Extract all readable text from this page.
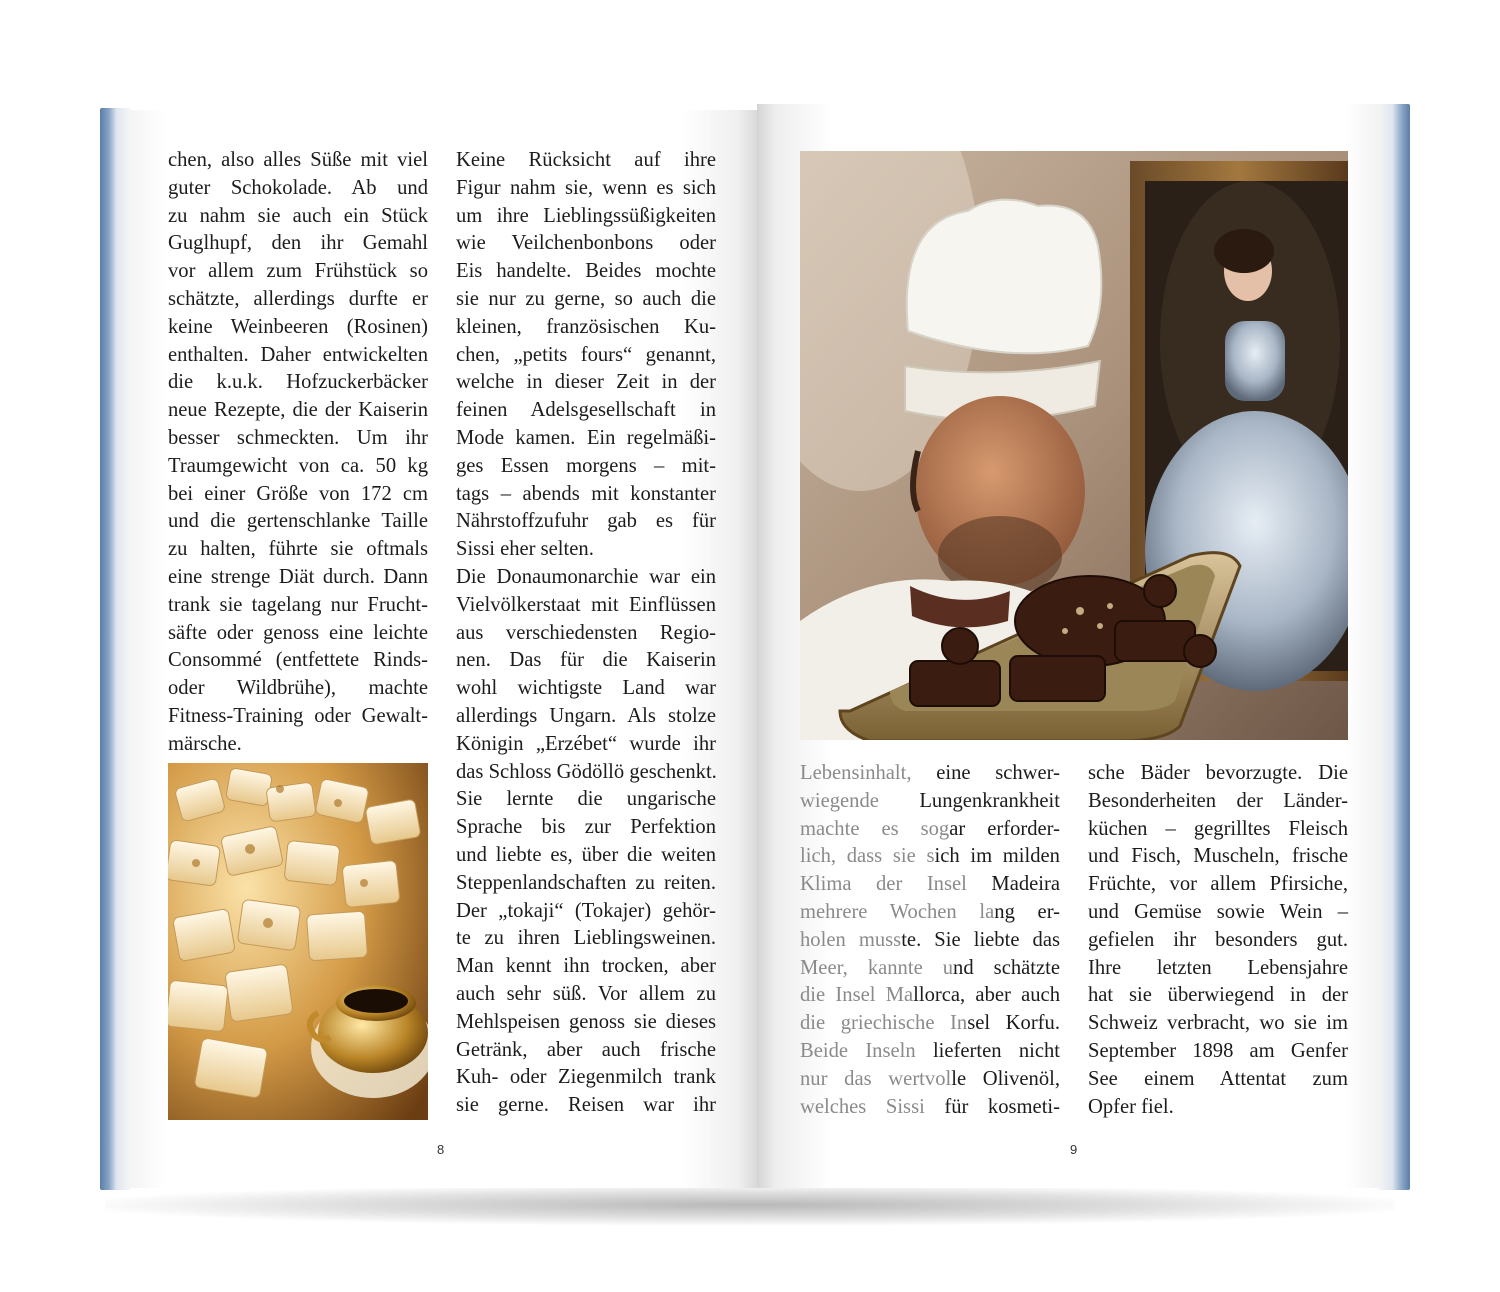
chen, also alles Süße mit viel
guter Schokolade. Ab und
zu nahm sie auch ein Stück
Guglhupf, den ihr Gemahl
vor allem zum Frühstück so
schätzte, allerdings durfte er
keine Weinbeeren (Rosinen)
enthalten. Daher entwickelten
die k.u.k. Hofzuckerbäcker
neue Rezepte, die der Kaiserin
besser schmeckten. Um ihr
Traumgewicht von ca. 50 kg
bei einer Größe von 172 cm
und die gertenschlanke Taille
zu halten, führte sie oftmals
eine strenge Diät durch. Dann
trank sie tagelang nur Frucht-
säfte oder genoss eine leichte
Consommé (entfettete Rinds-
oder Wildbrühe), machte
Fitness-Training oder Gewalt-
märsche.
Keine Rücksicht auf ihre
Figur nahm sie, wenn es sich
um ihre Lieblingssüßigkeiten
wie Veilchenbonbons oder
Eis handelte. Beides mochte
sie nur zu gerne, so auch die
kleinen, französischen Ku-
chen, „petits fours“ genannt,
welche in dieser Zeit in der
feinen Adelsgesellschaft in
Mode kamen. Ein regelmäßi-
ges Essen morgens – mit-
tags – abends mit konstanter
Nährstoffzufuhr gab es für
Sissi eher selten.
Die Donaumonarchie war ein
Vielvölkerstaat mit Einflüssen
aus verschiedensten Regio-
nen. Das für die Kaiserin
wohl wichtigste Land war
allerdings Ungarn. Als stolze
Königin „Erzébet“ wurde ihr
das Schloss Gödöllö geschenkt.
Sie lernte die ungarische
Sprache bis zur Perfektion
und liebte es, über die weiten
Steppenlandschaften zu reiten.
Der „tokaji“ (Tokajer) gehör-
te zu ihren Lieblingsweinen.
Man kennt ihn trocken, aber
auch sehr süß. Vor allem zu
Mehlspeisen genoss sie dieses
Getränk, aber auch frische
Kuh- oder Ziegenmilch trank
sie gerne. Reisen war ihr
8
Lebensinhalt, eine schwer-
wiegende Lungenkrankheit
machte es sogar erforder-
lich, dass sie sich im milden
Klima der Insel Madeira
mehrere Wochen lang er-
holen musste. Sie liebte das
Meer, kannte und schätzte
die Insel Mallorca, aber auch
die griechische Insel Korfu.
Beide Inseln lieferten nicht
nur das wertvolle Olivenöl,
welches Sissi für kosmeti-
sche Bäder bevorzugte. Die
Besonderheiten der Länder-
küchen – gegrilltes Fleisch
und Fisch, Muscheln, frische
Früchte, vor allem Pfirsiche,
und Gemüse sowie Wein –
gefielen ihr besonders gut.
Ihre letzten Lebensjahre
hat sie überwiegend in der
Schweiz verbracht, wo sie im
September 1898 am Genfer
See einem Attentat zum
Opfer fiel.
9
